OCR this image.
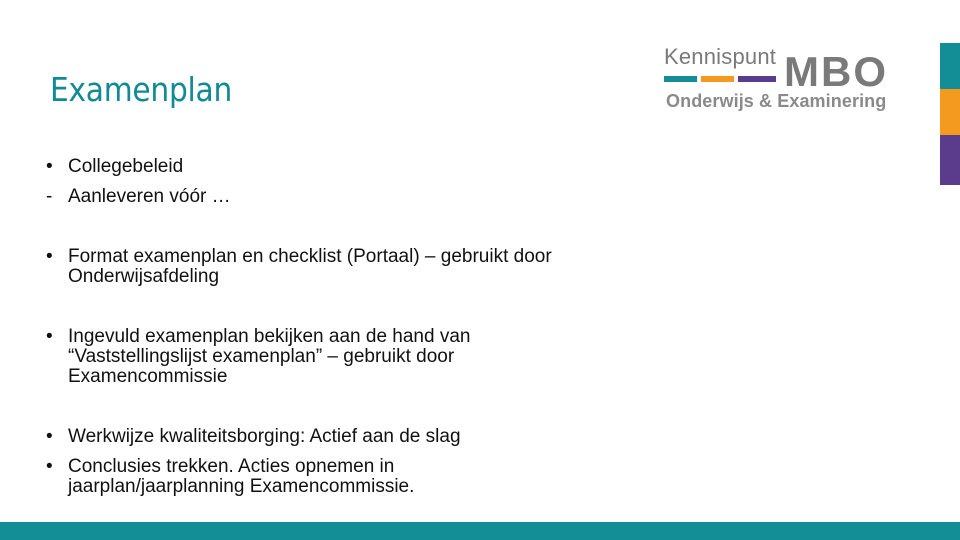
Examenplan
Kennispunt MBO
Onderwijs & Examinering
• Collegebeleid
- Aanleveren vóór …
• Format examenplan en checklist (Portaal) – gebruikt door Onderwijsafdeling
• Ingevuld examenplan bekijken aan de hand van “Vaststellingslijst examenplan” – gebruikt door Examencommissie
• Werkwijze kwaliteitsborging: Actief aan de slag
• Conclusies trekken. Acties opnemen in jaarplan/jaarplanning Examencommissie.
